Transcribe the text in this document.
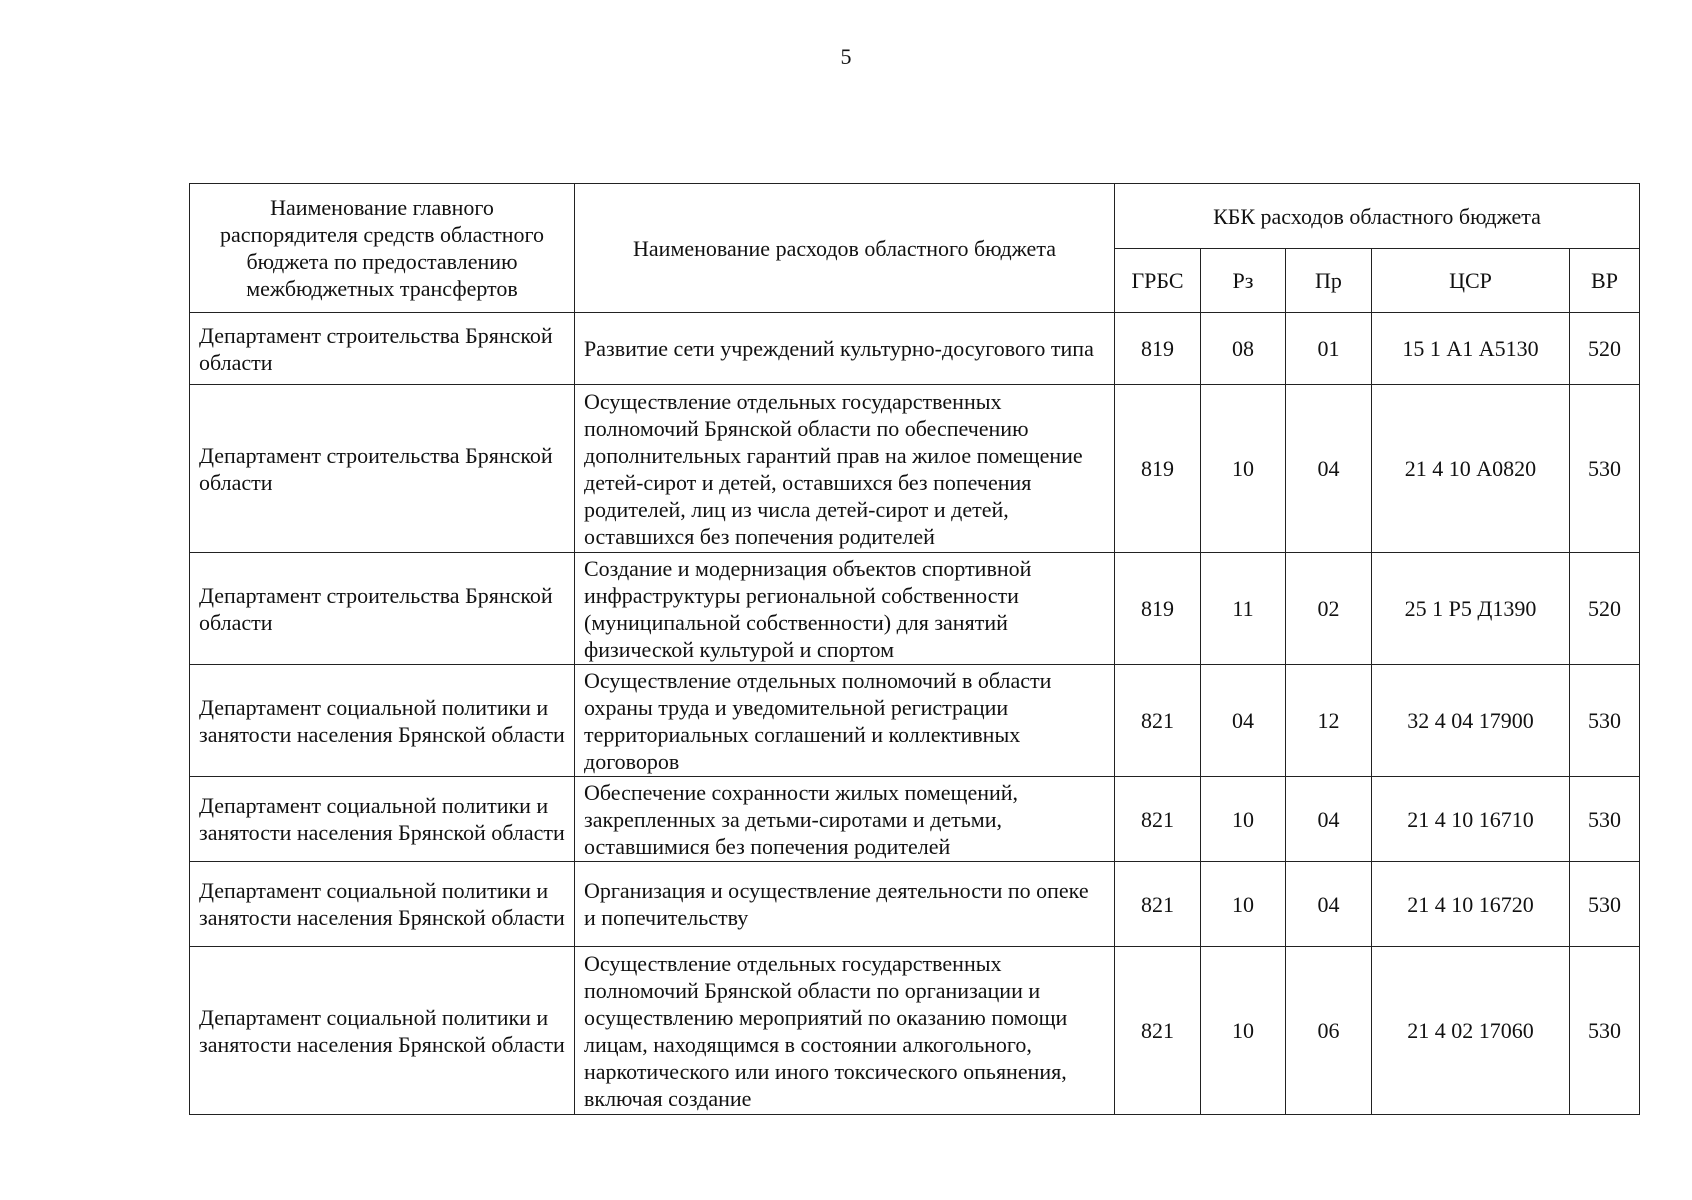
5
Наименование главного распорядителя средств областного бюджета по предоставлению межбюджетных трансфертов	Наименование расходов областного бюджета	КБК расходов областного бюджета				
		ГРБС	Рз	Пр	ЦСР	ВР
Департамент строительства Брянской области	Развитие сети учреждений культурно-досугового типа	819	08	01	15 1 А1 А5130	520
Департамент строительства Брянской области	Осуществление отдельных государственных полномочий Брянской области по обеспечению дополнительных гарантий прав на жилое помещение детей-сирот и детей, оставшихся без попечения родителей, лиц из числа детей-сирот и детей, оставшихся без попечения родителей	819	10	04	21 4 10 А0820	530
Департамент строительства Брянской области	Создание и модернизация объектов спортивной инфраструктуры региональной собственности (муниципальной собственности) для занятий физической культурой и спортом	819	11	02	25 1 Р5 Д1390	520
Департамент социальной политики и занятости населения Брянской области	Осуществление отдельных полномочий в области охраны труда и уведомительной регистрации территориальных соглашений и коллективных договоров	821	04	12	32 4 04 17900	530
Департамент социальной политики и занятости населения Брянской области	Обеспечение сохранности жилых помещений, закрепленных за детьми-сиротами и детьми, оставшимися без попечения родителей	821	10	04	21 4 10 16710	530
Департамент социальной политики и занятости населения Брянской области	Организация и осуществление деятельности по опеке и попечительству	821	10	04	21 4 10 16720	530
Департамент социальной политики и занятости населения Брянской области	Осуществление отдельных государственных полномочий Брянской области по организации и осуществлению мероприятий по оказанию помощи лицам, находящимся в состоянии алкогольного, наркотического или иного токсического опьянения, включая создание	821	10	06	21 4 02 17060	530
